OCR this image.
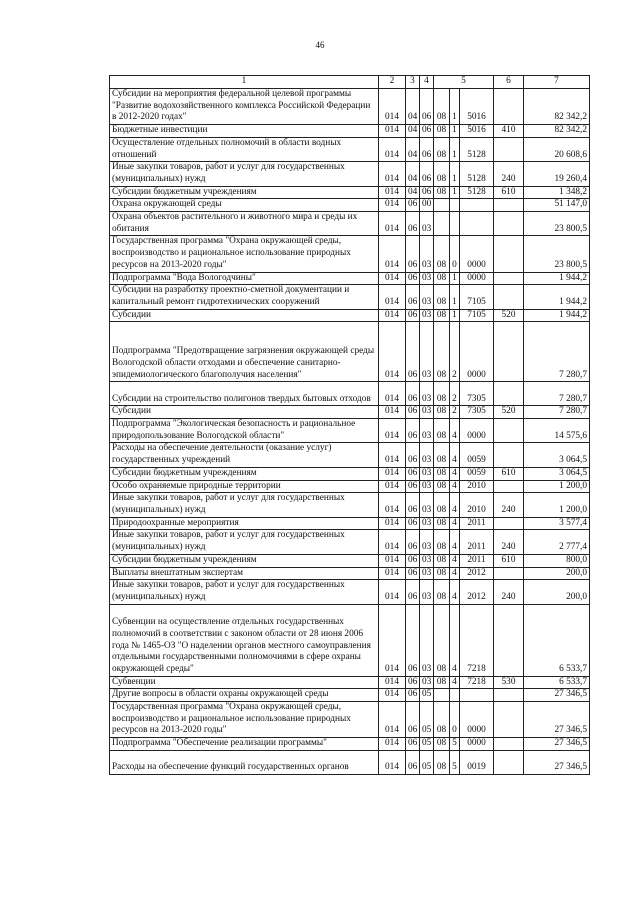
46
1	2	3	4	5			6	7
Субсидии на мероприятия федеральной целевой программы "Развитие водохозяйственного комплекса Российской Федерации в 2012-2020 годах"	014	04	06	08	1	5016		82 342,2
Бюджетные инвестиции	014	04	06	08	1	5016	410	82 342,2
Осуществление отдельных полномочий в области водных отношений	014	04	06	08	1	5128		20 608,6
Иные закупки товаров, работ и услуг для государственных (муниципальных) нужд	014	04	06	08	1	5128	240	19 260,4
Субсидии бюджетным учреждениям	014	04	06	08	1	5128	610	1 348,2
Охрана окружающей среды	014	06	00					51 147,0
Охрана объектов растительного и животного мира и среды их обитания	014	06	03					23 800,5
Государственная программа "Охрана окружающей среды, воспроизводство и рациональное использование природных ресурсов на 2013-2020 годы"	014	06	03	08	0	0000		23 800,5
Подпрограмма "Вода Вологодчины"	014	06	03	08	1	0000		1 944,2
Субсидии на разработку проектно-сметной документации и капитальный ремонт гидротехнических сооружений	014	06	03	08	1	7105		1 944,2
Субсидии	014	06	03	08	1	7105	520	1 944,2
Подпрограмма "Предотвращение загрязнения окружающей среды Вологодской области отходами и обеспечение санитарно-эпидемиологического благополучия населения"	014	06	03	08	2	0000		7 280,7
Субсидии на строительство полигонов твердых бытовых отходов	014	06	03	08	2	7305		7 280,7
Субсидии	014	06	03	08	2	7305	520	7 280,7
Подпрограмма "Экологическая безопасность и рациональное природопользование Вологодской области"	014	06	03	08	4	0000		14 575,6
Расходы на обеспечение деятельности (оказание услуг) государственных учреждений	014	06	03	08	4	0059		3 064,5
Субсидии бюджетным учреждениям	014	06	03	08	4	0059	610	3 064,5
Особо охраняемые природные территории	014	06	03	08	4	2010		1 200,0
Иные закупки товаров, работ и услуг для государственных (муниципальных) нужд	014	06	03	08	4	2010	240	1 200,0
Природоохранные мероприятия	014	06	03	08	4	2011		3 577,4
Иные закупки товаров, работ и услуг для государственных (муниципальных) нужд	014	06	03	08	4	2011	240	2 777,4
Субсидии бюджетным учреждениям	014	06	03	08	4	2011	610	800,0
Выплаты внештатным экспертам	014	06	03	08	4	2012		200,0
Иные закупки товаров, работ и услуг для государственных (муниципальных) нужд	014	06	03	08	4	2012	240	200,0
Субвенции на осуществление отдельных государственных полномочий в соответствии с законом области от 28 июня 2006 года № 1465-ОЗ "О наделении органов местного самоуправления отдельными государственными полномочиями в сфере охраны окружающей среды"	014	06	03	08	4	7218		6 533,7
Субвенции	014	06	03	08	4	7218	530	6 533,7
Другие вопросы в области охраны окружающей среды	014	06	05					27 346,5
Государственная программа "Охрана окружающей среды, воспроизводство и рациональное использование природных ресурсов на 2013-2020 годы"	014	06	05	08	0	0000		27 346,5
Подпрограмма "Обеспечение реализации программы"	014	06	05	08	5	0000		27 346,5
Расходы на обеспечение функций государственных органов	014	06	05	08	5	0019		27 346,5
